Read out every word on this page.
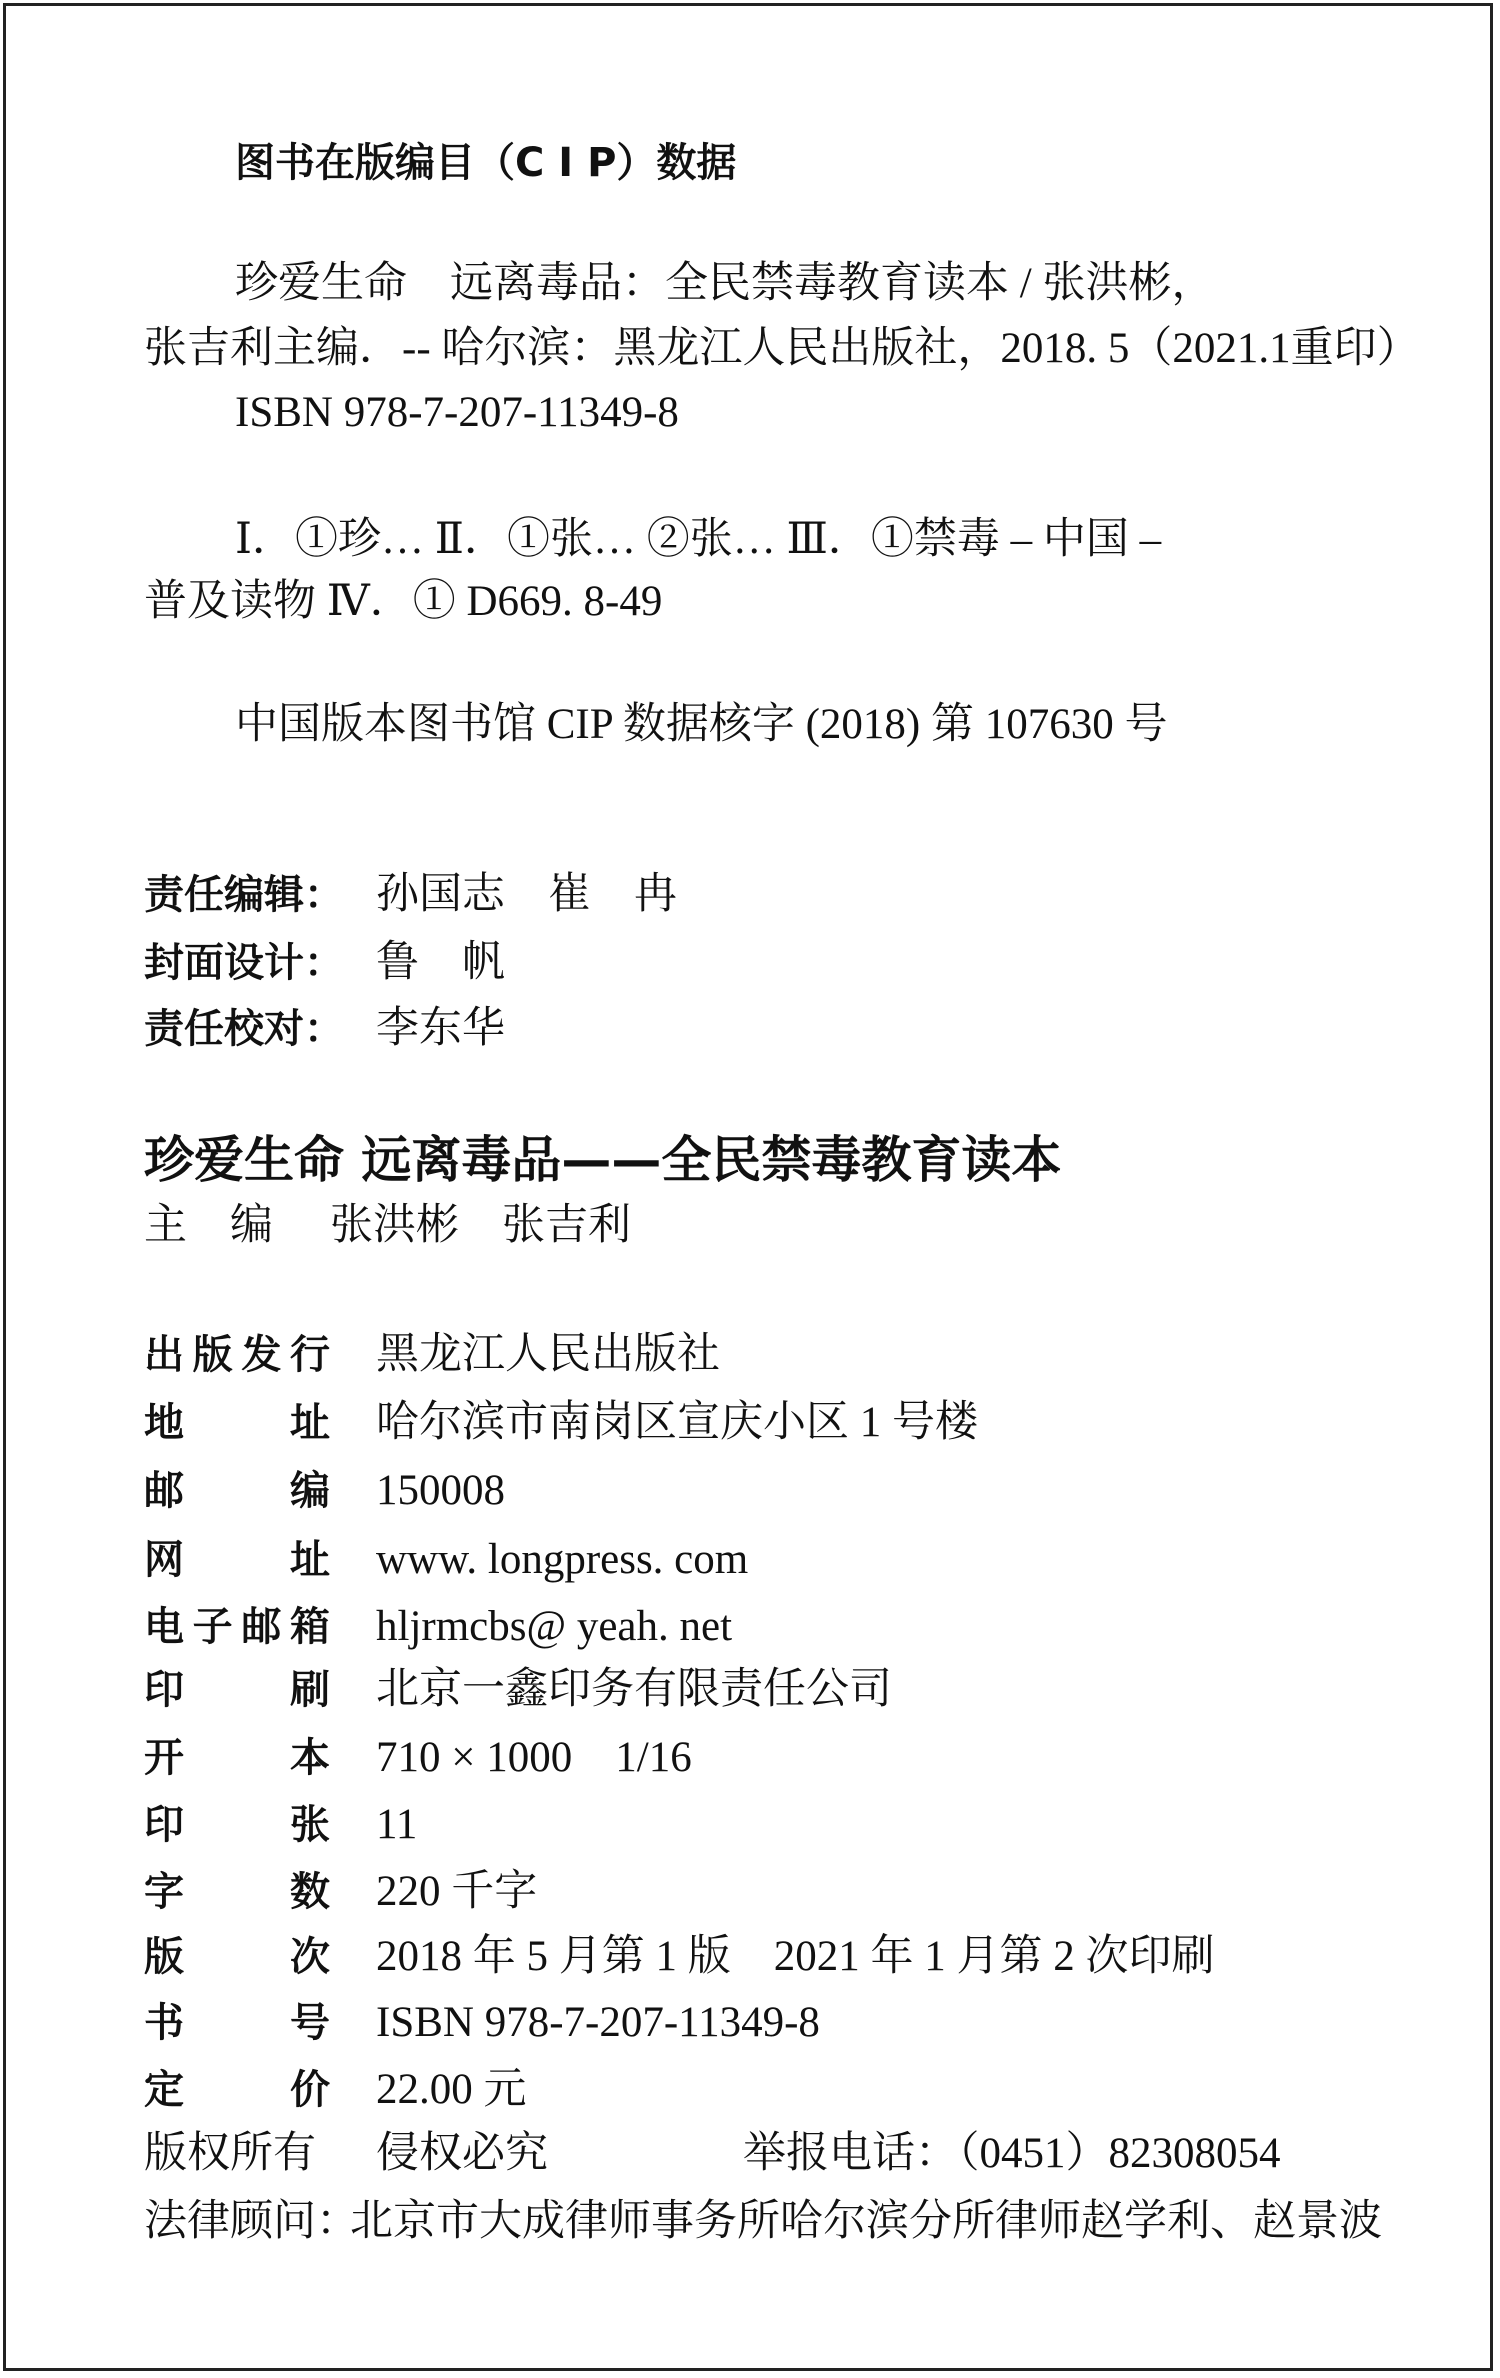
图书在版编目（C I P）数据
珍爱生命　远离毒品：全民禁毒教育读本 / 张洪彬，
张吉利主编．-- 哈尔滨：黑龙江人民出版社，2018. 5（2021.1重印）
ISBN 978-7-207-11349-8
Ⅰ．①珍… Ⅱ．①张… ②张… Ⅲ．①禁毒 – 中国 –
普及读物 Ⅳ．① D669. 8-49
中国版本图书馆 CIP 数据核字 (2018) 第 107630 号
责任编辑： 孙国志　崔　冉
封面设计： 鲁　帆
责任校对： 李东华
珍爱生命 远离毒品——全民禁毒教育读本
主　编 张洪彬　张吉利
出版发行 黑龙江人民出版社
地址 哈尔滨市南岗区宣庆小区 1 号楼
邮编 150008
网址 www. longpress. com
电子邮箱 hljrmcbs@ yeah. net
印刷 北京一鑫印务有限责任公司
开本 710 × 1000　1/16
印张 11
字数 220 千字
版次 2018 年 5 月第 1 版　2021 年 1 月第 2 次印刷
书号 ISBN 978-7-207-11349-8
定价 22.00 元
版权所有 侵权必究	举报电话：（0451）82308054
法律顾问：
北京市大成律师事务所哈尔滨分所律师赵学利、赵景波
